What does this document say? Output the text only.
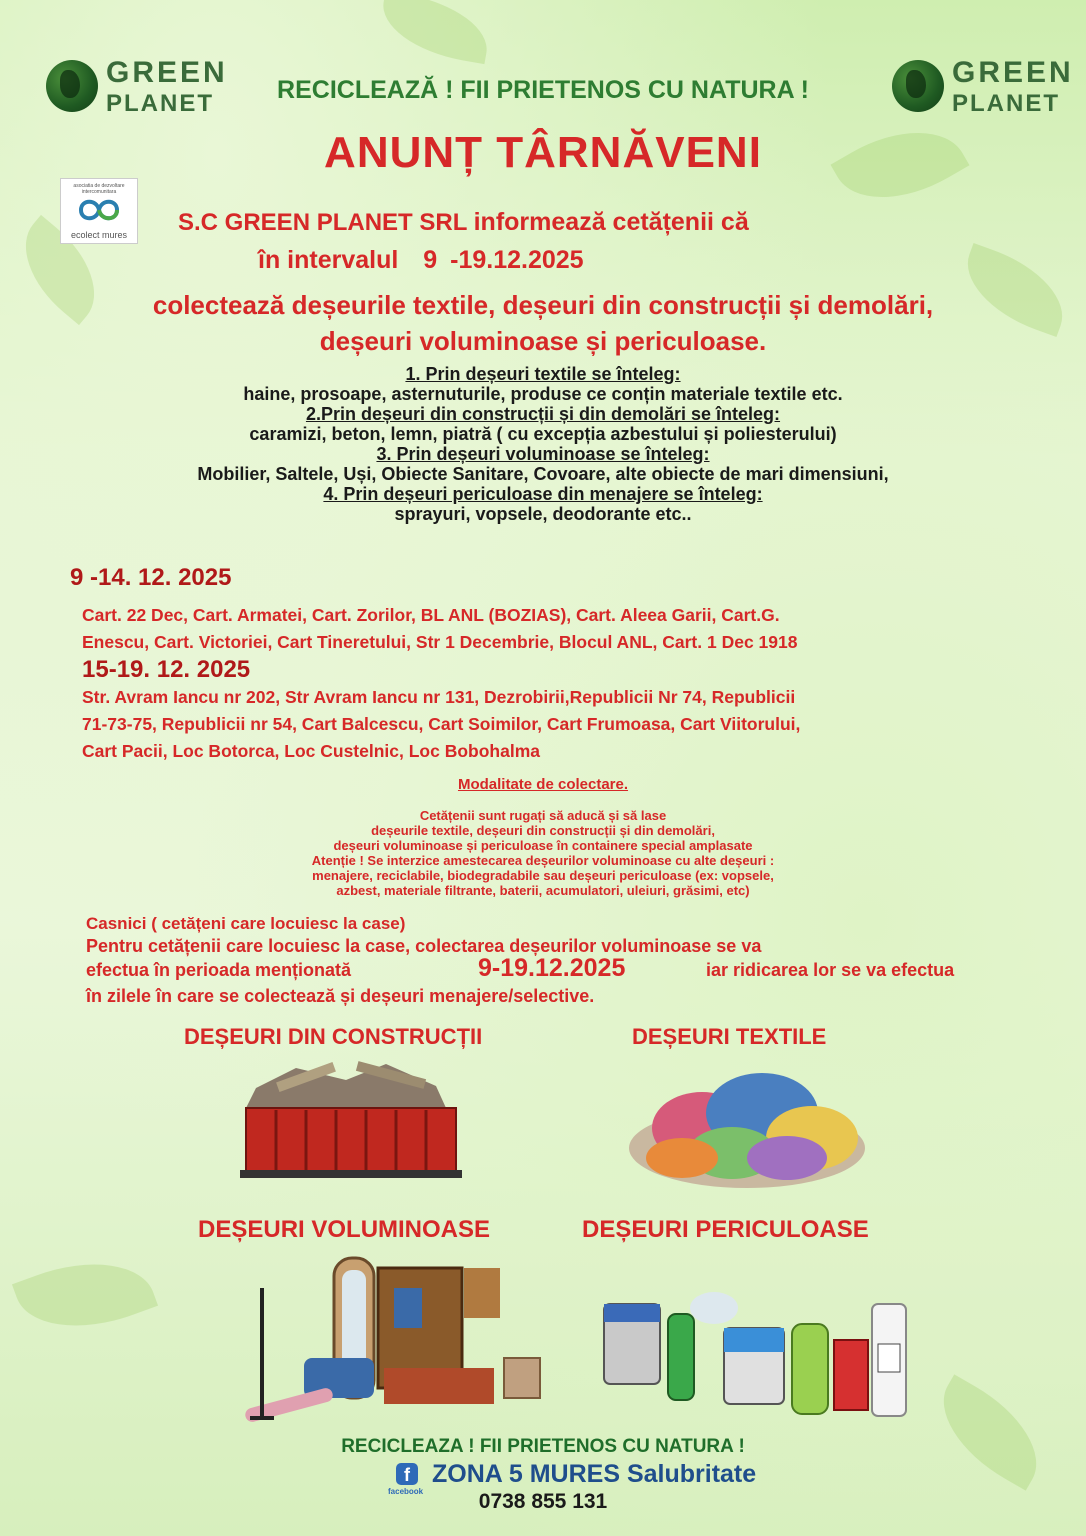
GREEN
PLANET
GREEN
PLANET
RECICLEAZĂ ! FII PRIETENOS CU NATURA !
ANUNȚ TÂRNĂVENI
asociatia de dezvoltare intercomunitara
ecolect mures	S.C GREEN PLANET SRL informează cetățenii că
în intervalul 9 -19.12.2025
colectează deșeurile textile, deșeuri din construcții și demolări,
deșeuri voluminoase și periculoase.
1. Prin deșeuri textile se înteleg:
haine, prosoape, asternuturile, produse ce conțin materiale textile etc.
2.Prin deșeuri din construcții și din demolări se înteleg:
caramizi, beton, lemn, piatră ( cu excepția azbestului și poliesterului)
3. Prin deșeuri voluminoase se înteleg:
Mobilier, Saltele, Uși, Obiecte Sanitare, Covoare, alte obiecte de mari dimensiuni,
4. Prin deșeuri periculoase din menajere se înteleg:
sprayuri, vopsele, deodorante etc..
9 -14. 12. 2025
Cart. 22 Dec, Cart. Armatei, Cart. Zorilor, BL ANL (BOZIAS), Cart. Aleea Garii, Cart.G.
Enescu, Cart. Victoriei, Cart Tineretului, Str 1 Decembrie, Blocul ANL, Cart. 1 Dec 1918
15-19. 12. 2025
Str. Avram Iancu nr 202, Str Avram Iancu nr 131, Dezrobirii,Republicii Nr 74, Republicii
71-73-75, Republicii nr 54, Cart Balcescu, Cart Soimilor, Cart Frumoasa, Cart Viitorului,
Cart Pacii, Loc Botorca, Loc Custelnic, Loc Bobohalma
Modalitate de colectare.
Cetățenii sunt rugați să aducă și să lase
deșeurile textile, deșeuri din construcții și din demolări,
deșeuri voluminoase și periculoase în containere special amplasate
Atenție ! Se interzice amestecarea deșeurilor voluminoase cu alte deșeuri :
menajere, reciclabile, biodegradabile sau deșeuri periculoase (ex: vopsele,
azbest, materiale filtrante, baterii, acumulatori, uleiuri, grăsimi, etc)
Casnici ( cetățeni care locuiesc la case)
Pentru cetățenii care locuiesc la case, colectarea deșeurilor voluminoase se va
efectua în perioada menționată	9-19.12.2025	iar ridicarea lor se va efectua
în zilele în care se colectează și deșeuri menajere/selective.
DEȘEURI DIN CONSTRUCȚII	DEȘEURI TEXTILE
DEȘEURI VOLUMINOASE	DEȘEURI PERICULOASE
RECICLEAZA ! FII PRIETENOS CU NATURA !
f
facebook
ZONA 5 MURES Salubritate
0738 855 131
